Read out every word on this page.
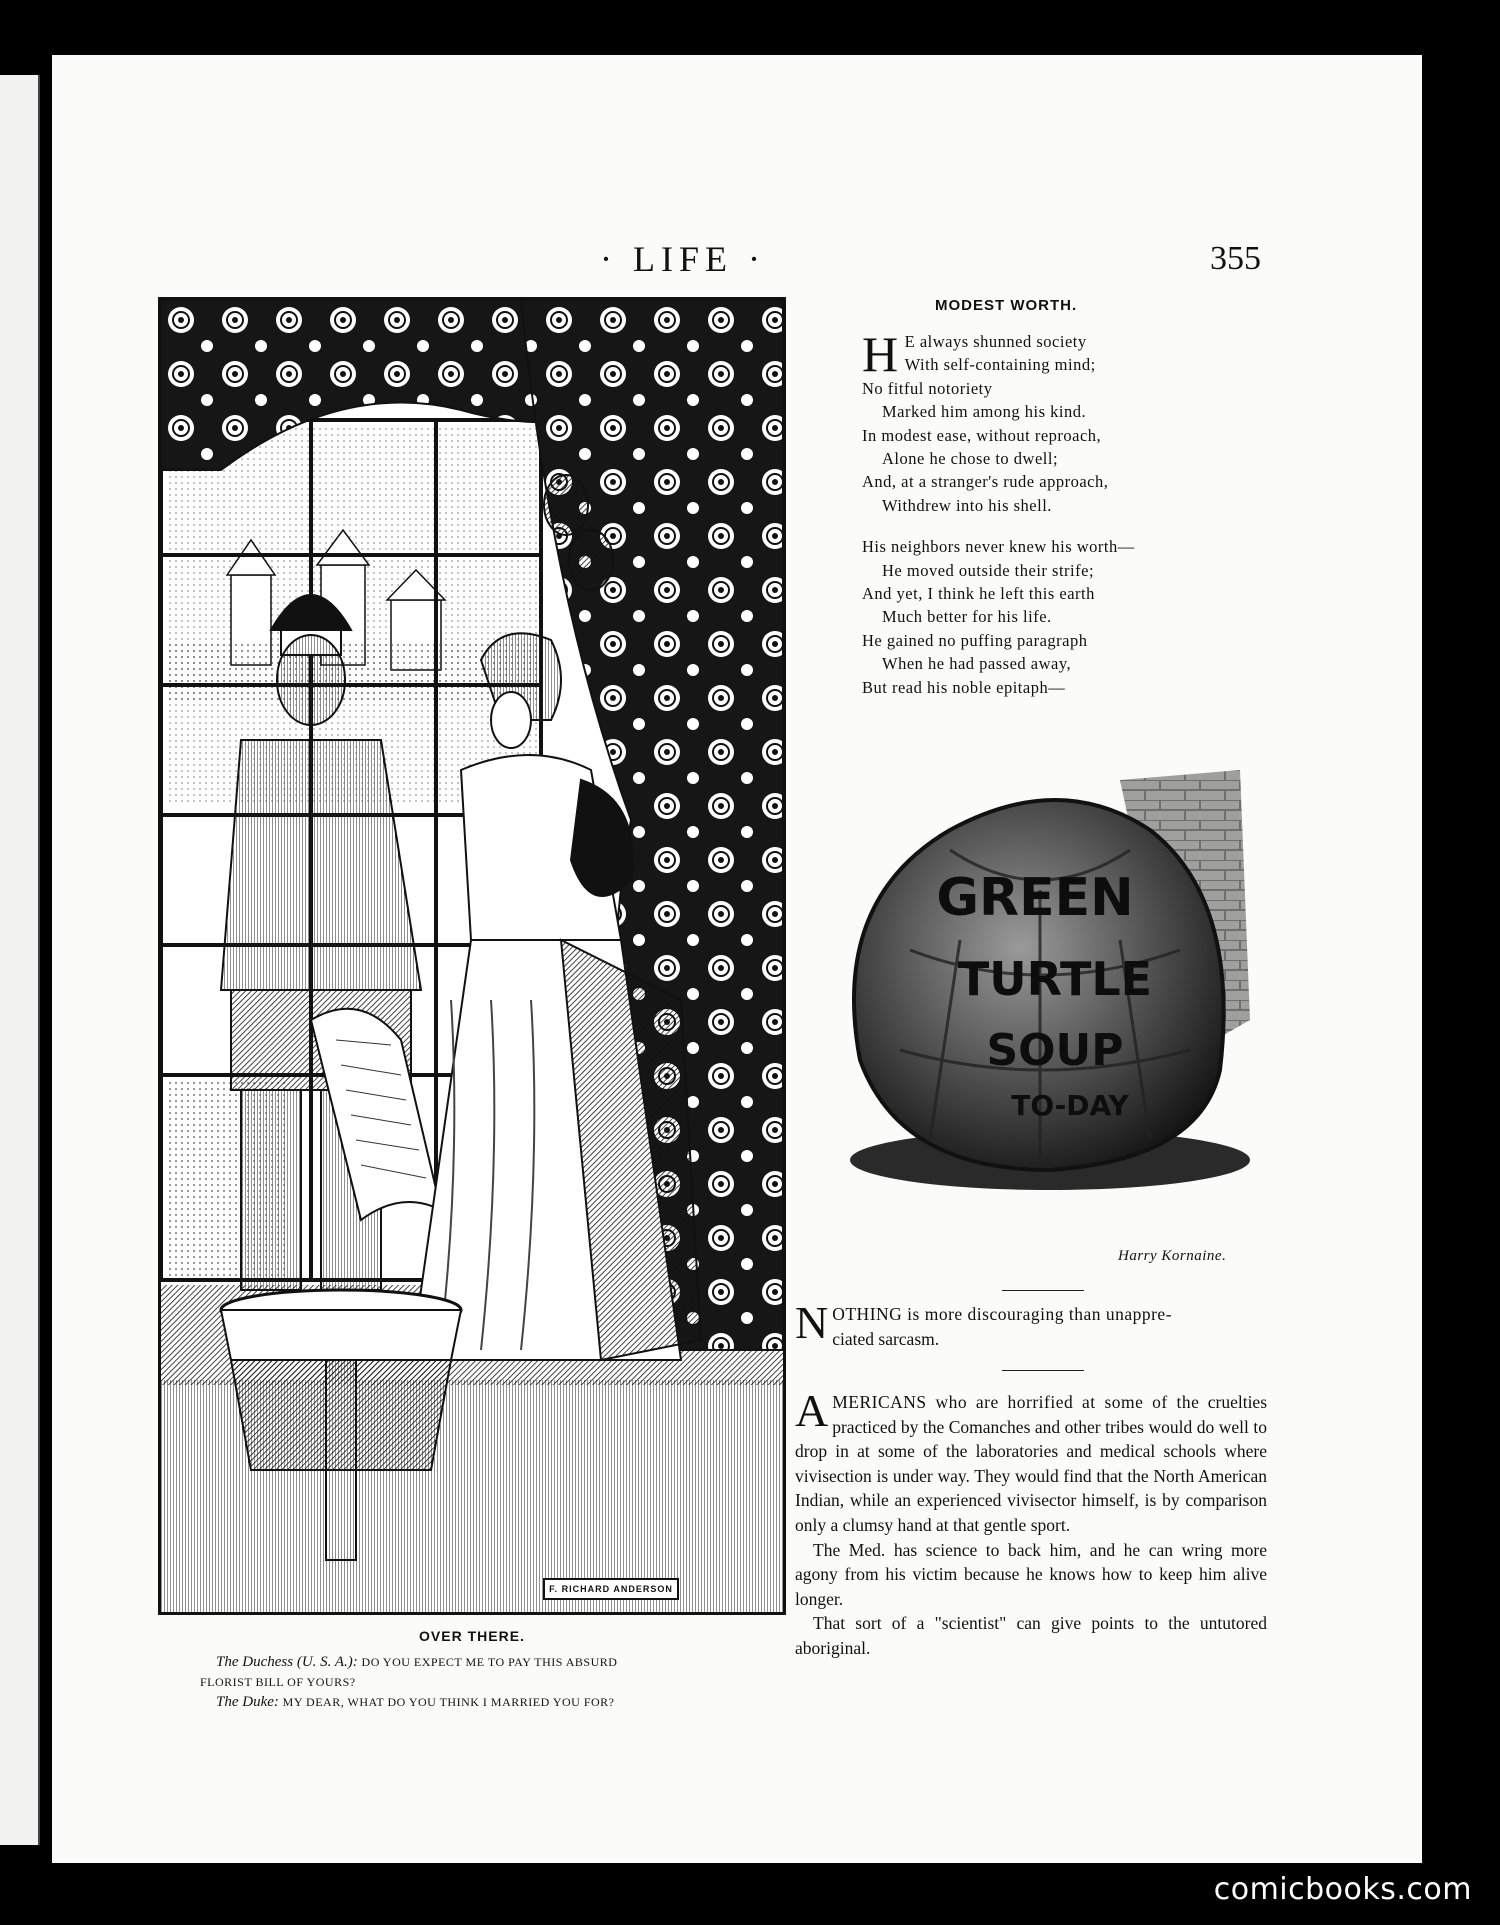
· LIFE ·	355
F. RICHARD ANDERSON
OVER THERE.
The Duchess (U. S. A.): DO YOU EXPECT ME TO PAY THIS ABSURD
FLORIST BILL OF YOURS?
The Duke: MY DEAR, WHAT DO YOU THINK I MARRIED YOU FOR?
MODEST WORTH.
H E always shunned society
With self-containing mind;
No fitful notoriety
Marked him among his kind.
In modest ease, without reproach,
Alone he chose to dwell;
And, at a stranger's rude approach,
Withdrew into his shell.
His neighbors never knew his worth—
He moved outside their strife;
And yet, I think he left this earth
Much better for his life.
He gained no puffing paragraph
When he had passed away,
But read his noble epitaph—
GREEN
TURTLE
SOUP
TO-DAY
Harry Kornaine.
N OTHING is more discouraging than unappre-
ciated sarcasm.
A MERICANS who are horrified at some of the cruelties practiced by the Comanches and other tribes would do well to drop in at some of the laboratories and medical schools where vivisection is under way. They would find that the North American Indian, while an experienced vivisector himself, is by comparison only a clumsy hand at that gentle sport.
The Med. has science to back him, and he can wring more agony from his victim because he knows how to keep him alive longer.
That sort of a "scientist" can give points to the untutored aboriginal.
comicbooks.com
